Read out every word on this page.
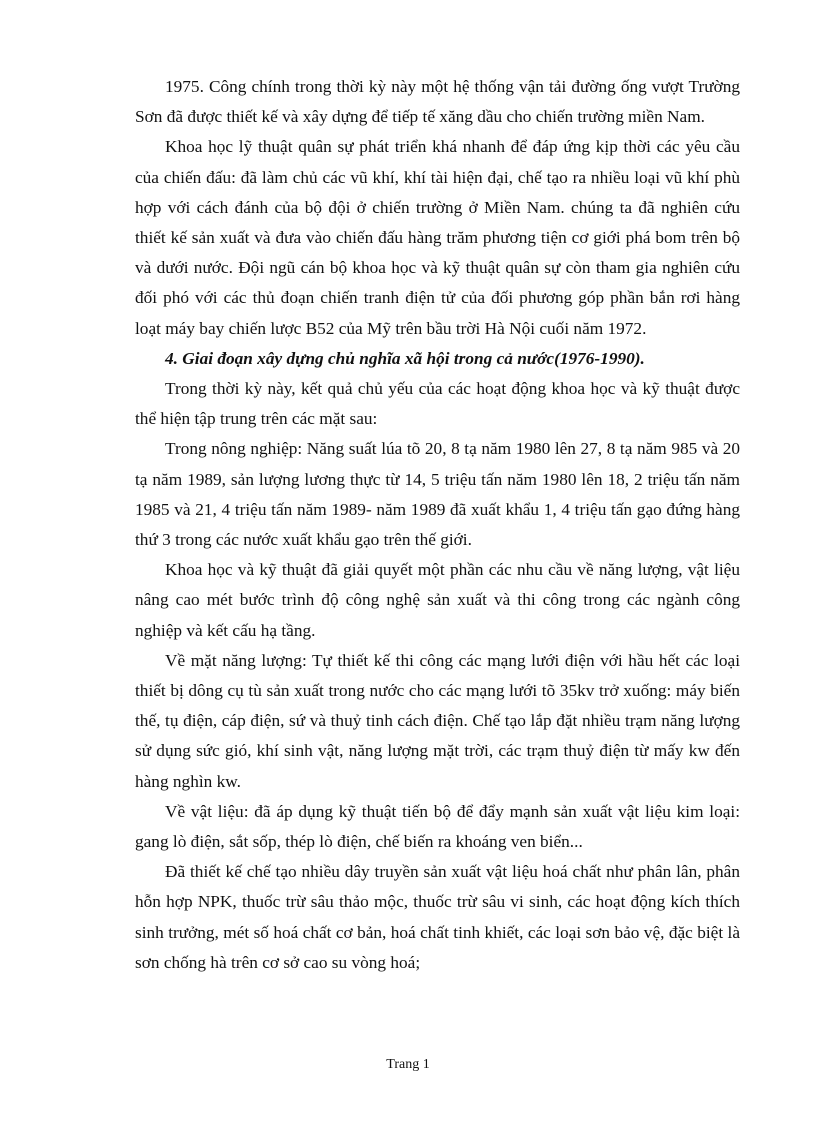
1975. Công chính trong thời kỳ này một hệ thống vận tải đường ống vượt Trường Sơn đã được thiết kế và xây dựng để tiếp tế xăng dầu cho chiến trường miền Nam.

Khoa học lỹ thuật quân sự phát triển khá nhanh để đáp ứng kịp thời các yêu cầu của chiến đấu: đã làm chủ các vũ khí, khí tài hiện đại, chế tạo ra nhiều loại vũ khí phù hợp với cách đánh của bộ đội ở chiến trường ở Miền Nam. chúng ta đã nghiên cứu thiết kế sản xuất và đưa vào chiến đấu hàng trăm phương tiện cơ giới phá bom trên bộ và dưới nước. Đội ngũ cán bộ khoa học và kỹ thuật quân sự còn tham gia nghiên cứu đối phó với các thủ đoạn chiến tranh điện tử của đối phương góp phần bắn rơi hàng loạt máy bay chiến lược B52 của Mỹ trên bầu trời Hà Nội cuối năm 1972.

4. Giai đoạn xây dựng chủ nghĩa xã hội trong cả nước(1976-1990).

Trong thời kỳ này, kết quả chủ yếu của các hoạt động khoa học và kỹ thuật được thể hiện tập trung trên các mặt sau:

Trong nông nghiệp: Năng suất lúa tõ 20, 8 tạ năm 1980 lên 27, 8 tạ năm 985 và 20 tạ năm 1989, sản lượng lương thực từ 14, 5 triệu tấn năm 1980 lên 18, 2 triệu tấn năm 1985 và 21, 4 triệu tấn năm 1989- năm 1989 đã xuất khẩu 1, 4 triệu tấn gạo đứng hàng thứ 3 trong các nước xuất khẩu gạo trên thế giới.

Khoa học và kỹ thuật đã giải quyết một phần các nhu cầu về năng lượng, vật liệu nâng cao mét bước trình độ công nghệ sản xuất và thi công trong các ngành công nghiệp và kết cấu hạ tầng.

Về mặt năng lượng: Tự thiết kế thi công các mạng lưới điện với hầu hết các loại thiết bị dông cụ tù sản xuất trong nước cho các mạng lưới tõ 35kv trở xuống: máy biến thế, tụ điện, cáp điện, sứ và thuỷ tinh cách điện. Chế tạo lắp đặt nhiều trạm năng lượng sử dụng sức gió, khí sinh vật, năng lượng mặt trời, các trạm thuỷ điện từ mấy kw đến hàng nghìn kw.

Về vật liệu: đã áp dụng kỹ thuật tiến bộ để đẩy mạnh sản xuất vật liệu kim loại: gang lò điện, sắt sốp, thép lò điện, chế biến ra khoáng ven biển...

Đã thiết kế chế tạo nhiều dây truyền sản xuất vật liệu hoá chất như phân lân, phân hỗn hợp NPK, thuốc trừ sâu thảo mộc, thuốc trừ sâu vi sinh, các hoạt động kích thích sinh trưởng, mét số hoá chất cơ bản, hoá chất tinh khiết, các loại sơn bảo vệ, đặc biệt là sơn chống hà trên cơ sở cao su vòng hoá;

Trang 1
